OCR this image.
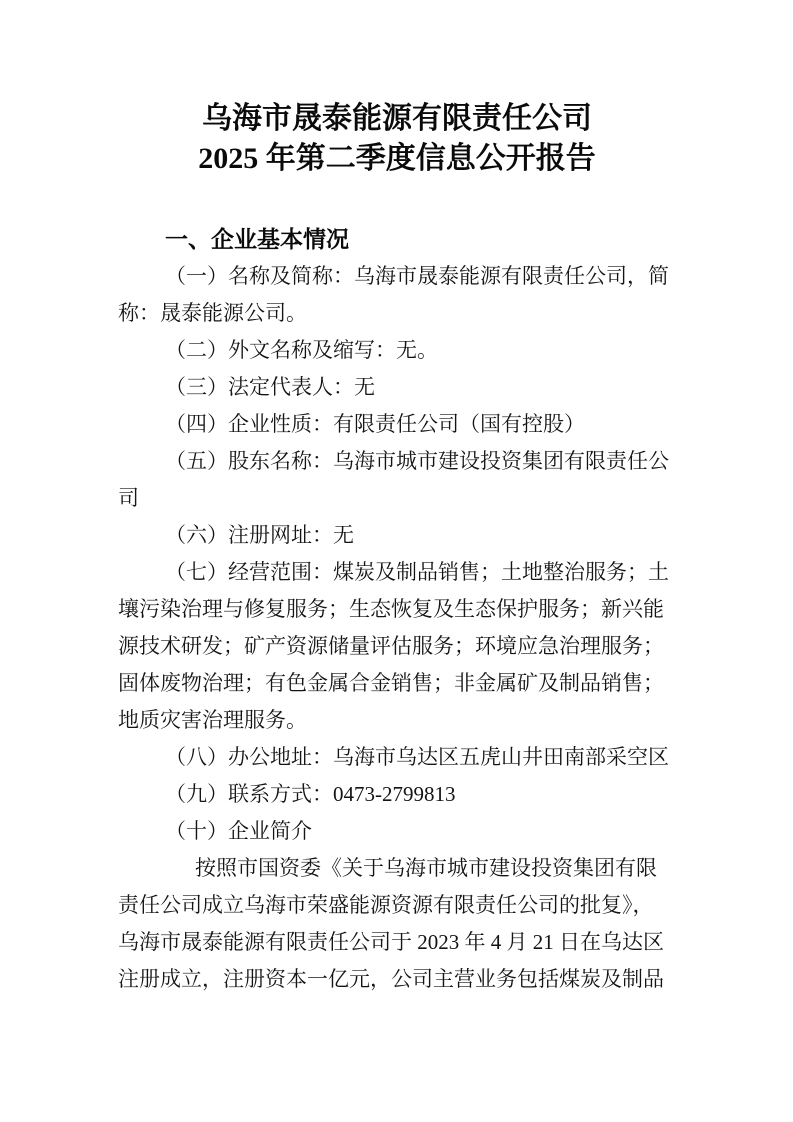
乌海市晟泰能源有限责任公司
2025 年第二季度信息公开报告
一、企业基本情况
（一）名称及简称：乌海市晟泰能源有限责任公司，简
称：晟泰能源公司。
（二）外文名称及缩写：无。
（三）法定代表人：无
（四）企业性质：有限责任公司（国有控股）
（五）股东名称：乌海市城市建设投资集团有限责任公
司
（六）注册网址：无
（七）经营范围：煤炭及制品销售；土地整治服务；土
壤污染治理与修复服务；生态恢复及生态保护服务；新兴能
源技术研发；矿产资源储量评估服务；环境应急治理服务；
固体废物治理；有色金属合金销售；非金属矿及制品销售；
地质灾害治理服务。
（八）办公地址：乌海市乌达区五虎山井田南部采空区
（九）联系方式：0473-2799813
（十）企业简介
按照市国资委《关于乌海市城市建设投资集团有限
责任公司成立乌海市荣盛能源资源有限责任公司的批复》，
乌海市晟泰能源有限责任公司于 2023 年 4 月 21 日在乌达区
注册成立，注册资本一亿元，公司主营业务包括煤炭及制品
